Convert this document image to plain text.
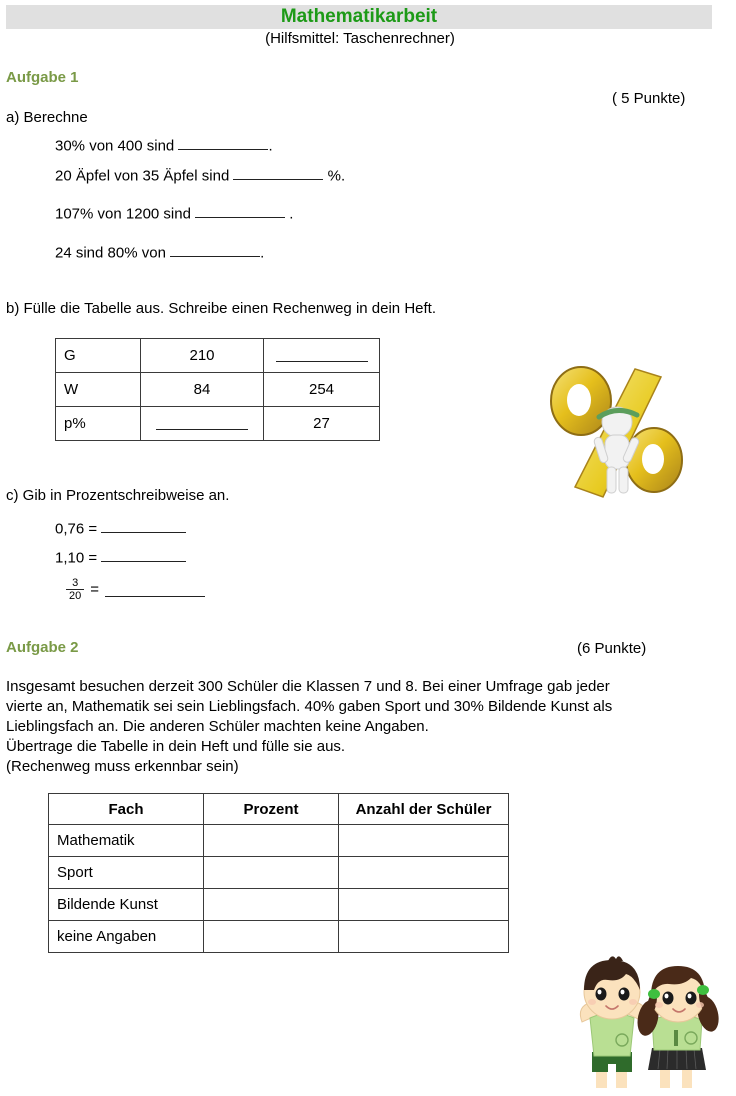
Mathematikarbeit
(Hilfsmittel: Taschenrechner)
Aufgabe 1
( 5 Punkte)
a) Berechne
30% von 400 sind	.
20 Äpfel von 35 Äpfel sind	%.
107% von 1200 sind	.
24 sind 80% von	.
b) Fülle die Tabelle aus. Schreibe einen Rechenweg in dein Heft.
G	210	
W	84	254
p%		27
c) Gib in Prozentschreibweise an.
0,76 =
1,10 =
$\frac{3}{20}$ =
Aufgabe 2	(6 Punkte)
Insgesamt besuchen derzeit 300 Schüler die Klassen 7 und 8. Bei einer Umfrage gab jeder
vierte an, Mathematik sei sein Lieblingsfach. 40% gaben Sport und 30% Bildende Kunst als
Lieblingsfach an. Die anderen Schüler machten keine Angaben.
Übertrage die Tabelle in dein Heft und fülle sie aus.
(Rechenweg muss erkennbar sein)
Fach	Prozent	Anzahl der Schüler
Mathematik		
Sport		
Bildende Kunst		
keine Angaben		
